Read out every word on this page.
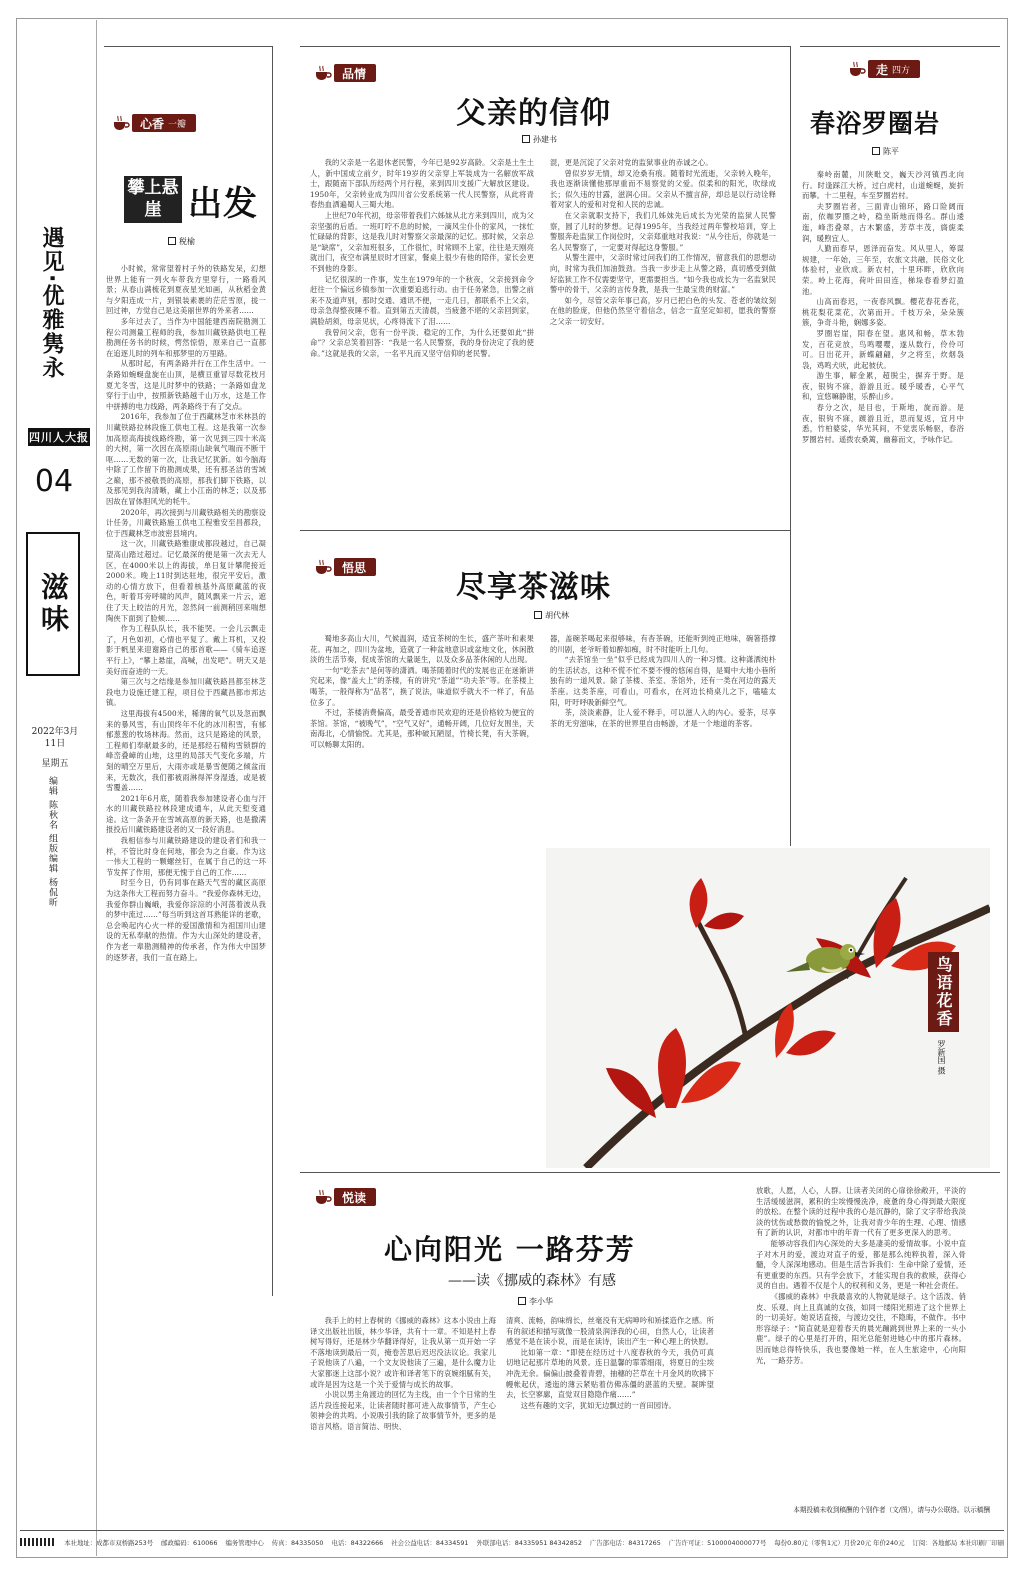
遇见·优雅隽永
四川人大报
04
滋味
2022年3月11日
星期五
编辑 陈秋名 组版编辑 杨侃昕
心香 一瓣
攀上悬崖 出发
税榆

小时候，常常望着村子外的铁路发呆，幻想世界上能有一列火车带我方里穿行，一路看风景；从春山满梳花到夏夜星光如画，从秋稻金黄与夕阳连成一片，到银装素裹的茫茫雪原，拢一回过神，方觉自己是这美丽世界的外来者……

多年过去了，当作为中国能建西南院勘测工程公司测量工程师的我，参加川藏铁路供电工程勘测任务书的时候，愕然惊悟，原来自己一直都在追逐儿时的列车和那梦里的万里路。

从那时起，有两条路并行在工作生活中。一条路如蜿蜒盘旋在山顶，是横亘重冒尽数花枝月夏尤冬雪，这是儿时梦中的铁路；一条路如盘龙穿行于山中，按照新铁路越千山万水，这是工作中拼搏的电力线路，两条路终于有了交点。

2016年，我参加了位于西藏林芝市米林县的川藏铁路拉林段施工供电工程。这是我第一次参加高原高海拔线路终勘，第一次见到三四十米高的大树，第一次因在高原雨山缺氧气喘而不断干呕……无数的第一次，让我记忆犹新。如今脑海中除了工作留下的勘测成果，还有那圣洁的雪域之巅，那不被敬畏的高原，那我们脚下铁路，以及那见到我沟清晰，藏上小江南的林芝；以及那因故在冒体胆风光的牦牛。

2020年，再次接到与川藏铁路相关的勘察设计任务，川藏铁路施工供电工程雅安至昌都段，位于西藏林芝市波密县境内。

这一次，川藏铁路雅康成都段越过，自己凝望高山踏过超过。记忆最深的便是第一次去无人区，在4000米以上的海拔，单日复计攀爬接近2000米。晚上11时到达驻地，很完平安后，激动的心情方放下，但看着核基外高原藏蓝的夜色，听着耳旁呼啸的风声，随风飘来一片云，遮住了天上皎洁的月光，忽然间一前测稍回来喘想陶侠下面到了脸颊……

作为工程队队长，我不能哭。一会儿云飘走了，月色如初，心情也平复了。戴上耳机，又投影于帆星来迎谢路自己的那首歌——《骑车追逐平行上》，“攀上悬崖，高喊，出发吧”。明天又是美好而奋进的一天。

第三次与之结缘是参加川藏铁路昌都至林芝段电力设施迁建工程，项目位于西藏昌都市邦达镇。

这里海拔有4500米，稀薄的氧气以及忽而飘来的暴风雪，有山顶终年不化的冰川积雪，有郁郁葱葱的牧场林海。然而，这只是路途的风景，工程师们奉献最多的，还是那经石精构雪锁群的峰峦叠嶂的山地，这里的局部天气变化多端，片刻的晴空万里后，大雨亦或是暴雪便随之倾盆而来，无数次，我们都被雨淋得浑身湿透，或是被雪覆盖……

2021年6月底，随着我参加建设者心血与汗水的川藏铁路拉林段建成通车，从此天堑变通途。这一条条开在雪域高原的新天路，也是撒满报投后川藏铁路建设者的又一段好消息。

我相信参与川藏铁路建设的建设者们和我一样，不管比时身在何地，都会为之自豪。作为这一伟大工程的一颗螺丝钉，在属于自己的这一环节发挥了作用，那便无愧于自己的工作……

时至今日，仍有同事在路天气雪的藏区高原为这条伟大工程而努力奋斗。“我爱你森林无边，我爱你群山巍峨，我爱你淙淙的小河荡着波从我的梦中流过……”每当听到这首耳熟能详的老歌，总会唤起内心火一样的爱国激情和为祖国川山建设的无私奉献的热情。作为大山深处的建设者，作为老一辈勘测精神的传承者，作为伟大中国梦的逐梦者，我们一直在路上。

品情
父亲的信仰
孙建书

我的父亲是一名退休老民警，今年已是92岁高龄。父亲是土生土人，新中国成立前夕，时年19岁的父亲穿上军装成为一名解放军战士，跟随南下部队历经两个月行程，来到四川支援广大解放区建设。1950年，父亲转业成为四川省公安系统第一代人民警察，从此将青春热血洒遍蜀人三蜀大地。

上世纪70年代初，母亲带着我们六姊妹从北方来到四川，成为父亲坚强的后盾。一班叮咛不息的时候，一滴风尘仆仆的家风，一抹忙忙碌碌的背影，这是我儿时对警察父亲最深的记忆。那时候，父亲总是“缺席”，父亲加班很多，工作很忙，时常顾不上家，往往是天刚亮就出门，夜空布满星辰时才回家，餐桌上很少有他的陪伴，家长会更不到他的身影。

记忆很深的一件事，发生在1979年的一个秋夜，父亲接到命令赶往一个偏远乡镇参加一次重要追逃行动。由于任务紧急，出警之前来不及道声别，那时交通、通讯不便，一走几日，都联系不上父亲，母亲急得整夜睡不着。直到第五天清晨，当疲惫不堪的父亲回到家，满脸胡须，母亲见状，心疼得流下了泪……

我曾问父亲，您有一份平淡、稳定的工作，为什么还要如此“拼命”？父亲总笑着回答：“我是一名人民警察，我的身份决定了我的使命。”这就是我的父亲，一名平凡而又坚守信仰的老民警。

混，更是沉淀了父亲对党的监狱事业的赤诚之心。

曾似岁岁无情，却又沧桑有痕。随着时光流逝，父亲转入晚年，我也逐渐读懂他那厚重而不易察觉的父爱。似柔和的阳光，吹绿成长；似久违的甘露，滋润心田。父亲从不擅言辞，却总是以行动诠释着对家人的爱和对党和人民的忠诚。

在父亲就职支持下，我们几姊妹先后成长为光荣的监狱人民警察，圆了儿时的梦想。记得1995年，当我经过两年警校培训，穿上警服奔赴监狱工作岗位时，父亲郑重地对我说：“从今往后，你就是一名人民警察了，一定要对得起这身警服。”

从警生涯中，父亲时常过问我们的工作情况，留意我们的思想动向，时常为我们加油鼓劲。当我一步步走上从警之路，真切感受到做好监狱工作不仅需要坚守，更需要担当。“如今我也成长为一名监狱民警中的骨干，父亲的言传身教，是我一生最宝贵的财富。”

如今，尽管父亲年事已高，岁月已把白色的头发、苍老的皱纹刻在他的脸庞，但他仍然坚守着信念，信念一直坚定如初，愿我的警察之父亲一切安好。

走 四方
春浴罗圈岩
陈平

秦岭南麓，川陕毗交，巍天沙河镇西北向行。时逢踩江大桥，过白虎村，山道蜿蜒，旋折而攀。十二里程，车至罗圈岩村。

夫罗圈岩者，三面青山锦环，路口险阔而南，依咖罗圈之岭，稳坐斯地而得名。群山逶迤，峰峦叠翠，古木繁盛，芳草丰茂，旖旎柔润，暖煦宜人。

人勤而春早，恩泽而奋发。风从里人，筹谋规建，一年始，三年至，农旅文共融，民俗文化体验村，业欣成。新农村，十里环畔，欣欣向荣。岭上花海，荷叶田田连，梯垛春看梦幻盈池。

山高而春迟，一夜春风飘。樱花春花香花，桃花梨花菜花，次第而开。千枝万朵，朵朵簇簇，争奇斗艳，娴娜多姿。

罗圈岩崖，阳春在望。惠风和畅，草木勃发，百花竞放，鸟鸣嘤嘤，遂从数行，伶伶可可。日出花开，新蝶翩翩，夕之将至，炊烟袅袅，鸡鸣犬吠，此起彼伏。

游生事，解金累，超脱尘，摒弃于野。是夜，银钩不寐，游游且近。暖乎暖香，心平气和，宜悠嘛静谢，乐醉山乡。

春分之次，是目也，于斯地，旋而游。是夜，银钩不寐，踱游且近，思而复返，宜月中悉，竹柏婆娑，华光其间，不觉衷乐畅驱，春浴罗圈岩村。遥拨农桑篱，幽暮而文，予咏作记。

悟思
尽享茶滋味
胡代林

蜀地多高山大川，气候温润，适宜茶树的生长，盛产茶叶和素果花。再加之，四川为盆地，造就了一种盆地意识或盆地文化，休闲散淡的生活节奏，促成茶馆的大量诞生，以及众多品茶休闲的人出现。

一句“吃茶去”是何等的潇洒。喝茶随着时代的发展也正在迷渐讲究起来，像“盖大上”的茶楼，有的讲究“茶道”“功夫茶”等。在茶楼上喝茶，一般得称为“品茗”，换了说法，味道似乎就大不一样了，有品位多了。

不过，茶楼消费偏高，最受普通市民欢迎的还是价格较为便宜的茶馆。茶馆，“被晚气”，“空气又好”，通畅开阔，几位好友围坐，天南海北，心情愉悦。尤其是，那种破瓦陋屋，竹椅长凳，有大茶碗，可以畅聊太阳的。

器，盖碗茶喝起来很够味，有杳茶碗，还能听到纯正地味，碗箸搭撑的川剧，老爷听着如醉如痴，时不时能听上几句。

“去茶馆坐一坐”似乎已经成为四川人的一种习惯。这种潇洒纯朴的生活状态，这种不慌不忙不要不慢的悠闲自得，是蜀中大地小巷所独有的一道风景。除了茶楼、茶室、茶馆外，还有一类在河边的露天茶座。这类茶座，可看山，可看水，在河边长椅桌儿之下，嗑嗑太阳，吁吁呼吸新鲜空气。

茶，淡淡素静，让人爱不释手，可以滋人入的内心。爱茶，尽享茶的无穷滋味，在茶的世界里自由畅游，才是一个地道的茶客。

鸟语花香
罗新国 摄
悦读
心向阳光 一路芬芳
——读《挪威的森林》有感
李小华

我手上的村上春树的《挪威的森林》这本小说由上海译文出版社出版，林少华译，共有十一章。不知是村上春树写得好，还是林少华翻译得好，让我从第一页开始一字不落地读到最后一页，掩卷苦思后迟迟没法议论。我家儿子说他读了八遍，一个文友说他读了三遍，是什么魔力让大家都迷上这部小说？或许和译者笔下的哀婉细腻有关，或许是因为这是一个关于爱情与成长的故事。

小说以男主角渡边的回忆为主线，由一个个日常的生活片段连接起来，让读者随时都可进入故事情节，产生心领神会的共鸣。小说吸引我的除了故事情节外，更多的是语言风格。语言简洁、明快、

清爽、流畅，韵味绵长，丝毫没有无病呻吟和矫揉造作之感。所有的叙述和描写就像一股清泉润泽我的心田，自然人心，让读者感觉不是在读小说，而是在读诗，读出产生一种心理上的快慰。

比如第一章：“即使在经历过十八度春秋的今天，我仍可真切地记起那片草地的风景。连日温馨的霏霏细雨，将夏日的尘埃冲洗无余。偏偏山披叠着青碧，抽穗的芒草在十月金风的吹拂下幔帐起伏，逶迤的薄云紧贴着仿佛冻僵的湛蓝的天壁。凝眸望去，长空寥廓，直觉双目隐隐作痛……”

这些有趣的文字，犹如无边飘过的一首田园诗。

放歌，人愿，人心，人群。让读者关闭的心扉徐徐敞开，平淡的生活缓缓滋润，累积的尘埃慢慢洗净，疲惫的身心得到最大限度的放松。在整个读的过程中我的心是沉静的，除了文字带给我淡淡的忧伤或愁微的愉悦之外，让我对青少年的生理、心理、情感有了新的认识，对都市中的年青一代有了更多更深入的思考。

能够动容我们内心深处的大多是凄美的爱情故事。小说中直子对木月的爱，渡边对直子的爱，都是那么纯粹执着，深入骨髓，令人深深地感动。但是生活告诉我们：生命中除了爱情，还有更重要的东西。只有学会放下，才能实现自我的救赎，获得心灵的自由。遇着不仅是个人的权利和义务，更是一种社会责任。

《挪威的森林》中我最喜欢的人物就是绿子。这个活泼、俏皮、乐观、向上且真诚的女孩，如同一缕阳光照进了这个世界上的一切美好。她说话直接，与渡边交往，不隐晦，不做作。书中形容绿子：“简直就是迎着春天的晨光蹦跳到世界上来的一头小鹿”。绿子的心里是打开的，阳光总能射进她心中的那片森林。因而她总得特快乐，我也要像她一样，在人生旅途中，心向阳光，一路芬芳。

本期投稿未收到稿酬的个别作者（文/图），请与办公联络。以示稿酬
本社地址：成都市双桥路253号 邮政编码：610066 编务管理中心 传真：84335050 电话：84322666 社会公益电话：84334591 外联部电话：84335951 84342852 广告部电话：84317265 广告许可证：5100004000077号 每份0.80元（零售1元）月价20元 年价240元 订阅：各地邮局 本社印刷厂印刷
